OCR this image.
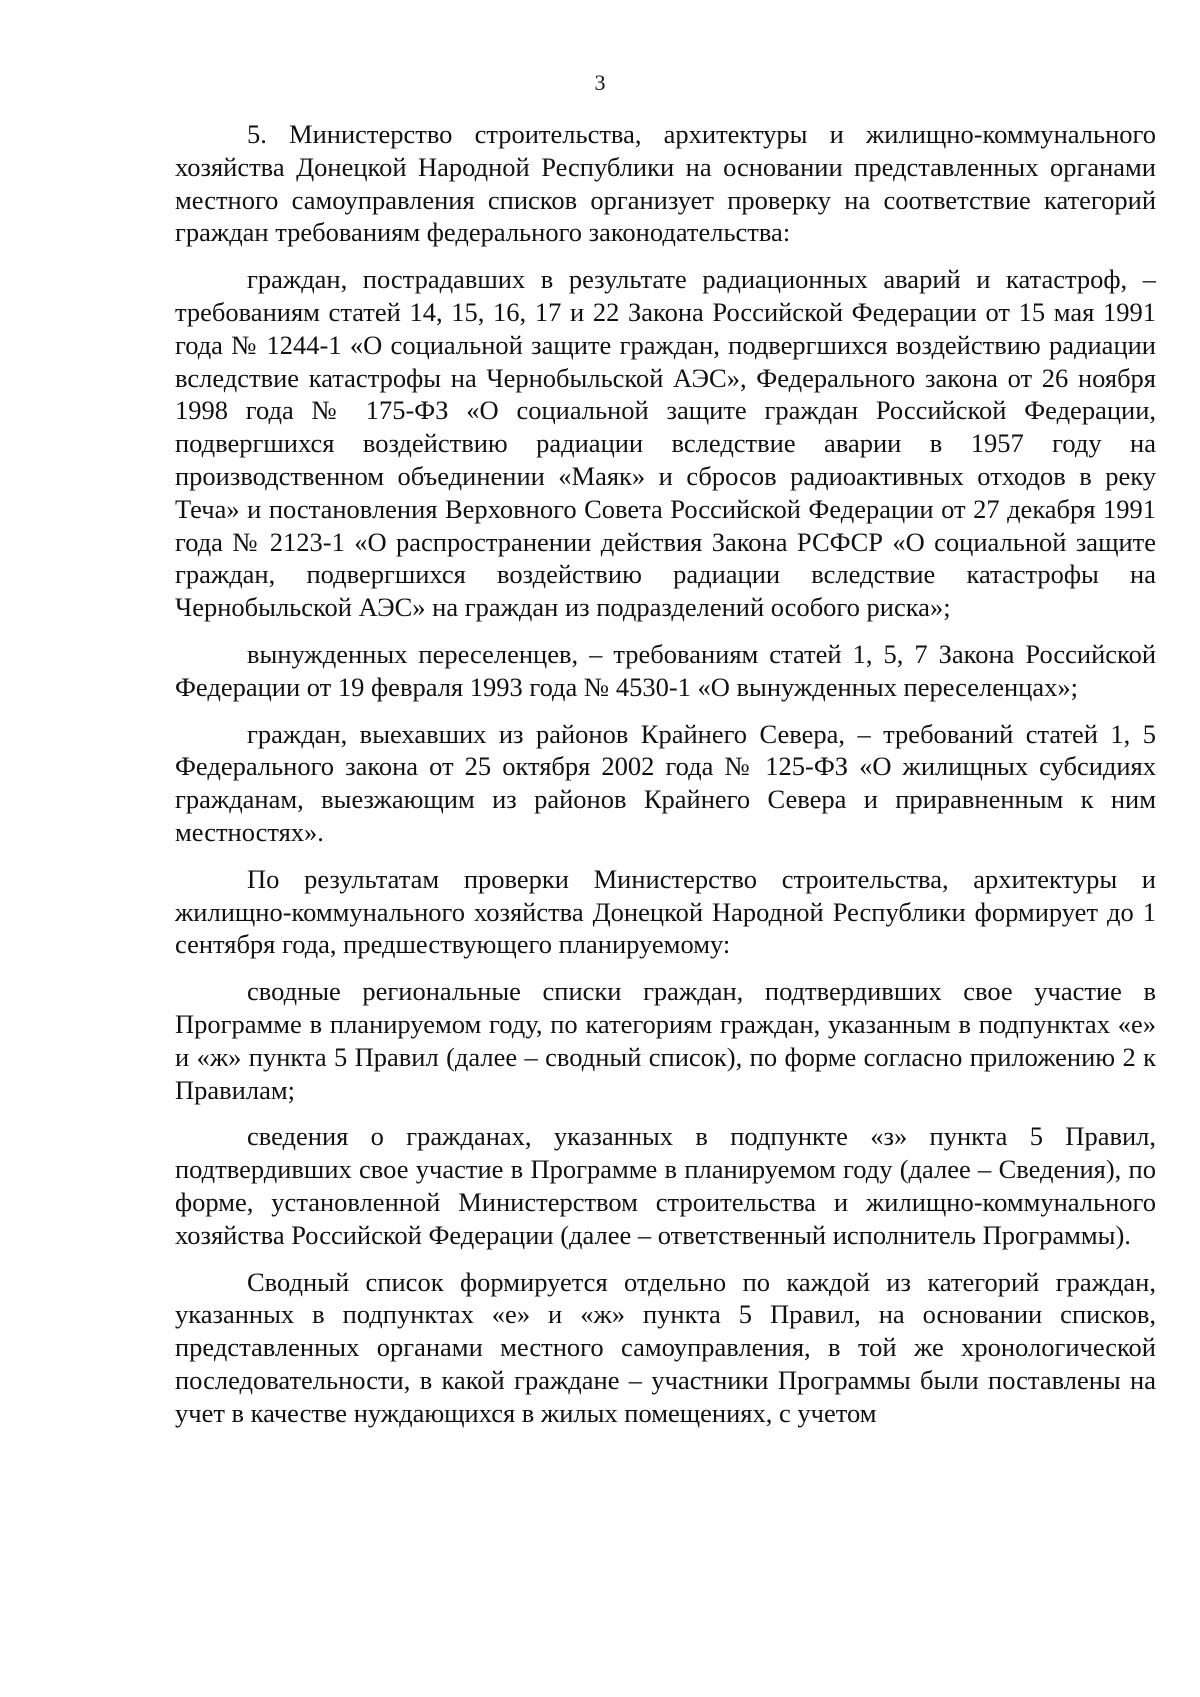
3

5. Министерство строительства, архитектуры и жилищно-коммунального хозяйства Донецкой Народной Республики на основании представленных органами местного самоуправления списков организует проверку на соответствие категорий граждан требованиям федерального законодательства:

граждан, пострадавших в результате радиационных аварий и катастроф, – требованиям статей 14, 15, 16, 17 и 22 Закона Российской Федерации от 15 мая 1991 года № 1244-1 «О социальной защите граждан, подвергшихся воздействию радиации вследствие катастрофы на Чернобыльской АЭС», Федерального закона от 26 ноября 1998 года № 175-ФЗ «О социальной защите граждан Российской Федерации, подвергшихся воздействию радиации вследствие аварии в 1957 году на производственном объединении «Маяк» и сбросов радиоактивных отходов в реку Теча» и постановления Верховного Совета Российской Федерации от 27 декабря 1991 года № 2123-1 «О распространении действия Закона РСФСР «О социальной защите граждан, подвергшихся воздействию радиации вследствие катастрофы на Чернобыльской АЭС» на граждан из подразделений особого риска»;

вынужденных переселенцев, – требованиям статей 1, 5, 7 Закона Российской Федерации от 19 февраля 1993 года № 4530-1 «О вынужденных переселенцах»;

граждан, выехавших из районов Крайнего Севера, – требований статей 1, 5 Федерального закона от 25 октября 2002 года № 125-ФЗ «О жилищных субсидиях гражданам, выезжающим из районов Крайнего Севера и приравненным к ним местностях».

По результатам проверки Министерство строительства, архитектуры и жилищно-коммунального хозяйства Донецкой Народной Республики формирует до 1 сентября года, предшествующего планируемому:

сводные региональные списки граждан, подтвердивших свое участие в Программе в планируемом году, по категориям граждан, указанным в подпунктах «е» и «ж» пункта 5 Правил (далее – сводный список), по форме согласно приложению 2 к Правилам;

сведения о гражданах, указанных в подпункте «з» пункта 5 Правил, подтвердивших свое участие в Программе в планируемом году (далее – Сведения), по форме, установленной Министерством строительства и жилищно-коммунального хозяйства Российской Федерации (далее – ответственный исполнитель Программы).

Сводный список формируется отдельно по каждой из категорий граждан, указанных в подпунктах «е» и «ж» пункта 5 Правил, на основании списков, представленных органами местного самоуправления, в той же хронологической последовательности, в какой граждане – участники Программы были поставлены на учет в качестве нуждающихся в жилых помещениях, с учетом
